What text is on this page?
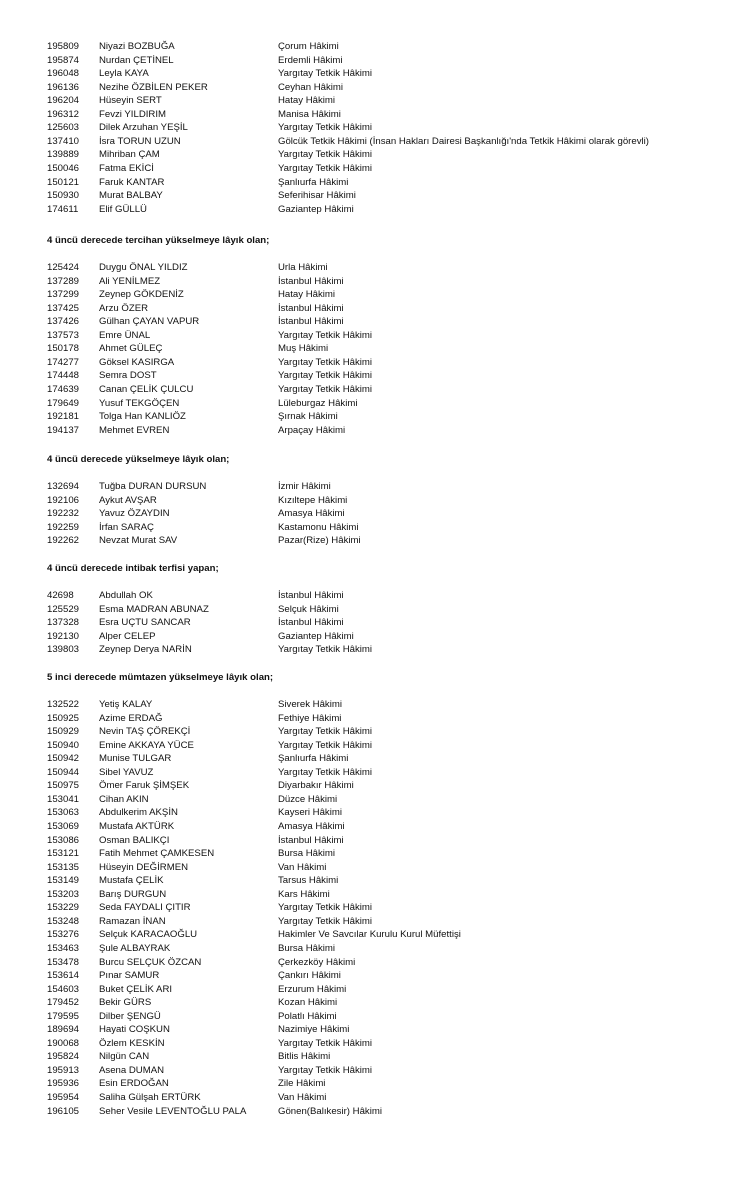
195809 Niyazi BOZBUĞA	Çorum Hâkimi
195874 Nurdan ÇETİNEL	Erdemli Hâkimi
196048 Leyla KAYA	Yargıtay Tetkik Hâkimi
196136 Nezihe ÖZBİLEN PEKER	Ceyhan Hâkimi
196204 Hüseyin SERT	Hatay Hâkimi
196312 Fevzi YILDIRIM	Manisa Hâkimi
125603 Dilek Arzuhan YEŞİL	Yargıtay Tetkik Hâkimi
137410 İsra TORUN UZUN	Gölcük Tetkik Hâkimi (İnsan Hakları Dairesi Başkanlığı'nda Tetkik Hâkimi olarak görevli)
139889 Mihriban ÇAM	Yargıtay Tetkik Hâkimi
150046 Fatma EKİCİ	Yargıtay Tetkik Hâkimi
150121 Faruk KANTAR	Şanlıurfa Hâkimi
150930 Murat BALBAY	Seferihisar Hâkimi
174611 Elif GÜLLÜ	Gaziantep Hâkimi
4 üncü derecede tercihan yükselmeye lâyık olan;
125424 Duygu ÖNAL YILDIZ	Urla Hâkimi
137289 Ali YENİLMEZ	İstanbul Hâkimi
137299 Zeynep GÖKDENİZ	Hatay Hâkimi
137425 Arzu ÖZER	İstanbul Hâkimi
137426 Gülhan ÇAYAN VAPUR	İstanbul Hâkimi
137573 Emre ÜNAL	Yargıtay Tetkik Hâkimi
150178 Ahmet GÜLEÇ	Muş Hâkimi
174277 Göksel KASIRGA	Yargıtay Tetkik Hâkimi
174448 Semra DOST	Yargıtay Tetkik Hâkimi
174639 Canan ÇELİK ÇULCU	Yargıtay Tetkik Hâkimi
179649 Yusuf TEKGÖÇEN	Lüleburgaz Hâkimi
192181 Tolga Han KANLIÖZ	Şırnak Hâkimi
194137 Mehmet EVREN	Arpaçay Hâkimi
4 üncü derecede yükselmeye lâyık olan;
132694 Tuğba DURAN DURSUN	İzmir Hâkimi
192106 Aykut AVŞAR	Kızıltepe Hâkimi
192232 Yavuz ÖZAYDIN	Amasya Hâkimi
192259 İrfan SARAÇ	Kastamonu Hâkimi
192262 Nevzat Murat SAV	Pazar(Rize) Hâkimi
4 üncü derecede intibak terfisi yapan;
42698	Abdullah OK	İstanbul Hâkimi
125529 Esma MADRAN ABUNAZ	Selçuk Hâkimi
137328 Esra UÇTU SANCAR	İstanbul Hâkimi
192130 Alper CELEP	Gaziantep Hâkimi
139803 Zeynep Derya NARİN	Yargıtay Tetkik Hâkimi
5 inci derecede mümtazen yükselmeye lâyık olan;
132522 Yetiş KALAY	Siverek Hâkimi
150925 Azime ERDAĞ	Fethiye Hâkimi
150929 Nevin TAŞ ÇÖREKÇİ	Yargıtay Tetkik Hâkimi
150940 Emine AKKAYA YÜCE	Yargıtay Tetkik Hâkimi
150942 Munise TULGAR	Şanlıurfa Hâkimi
150944 Sibel YAVUZ	Yargıtay Tetkik Hâkimi
150975 Ömer Faruk ŞİMŞEK	Diyarbakır Hâkimi
153041 Cihan AKIN	Düzce Hâkimi
153063 Abdulkerim AKŞİN	Kayseri Hâkimi
153069 Mustafa AKTÜRK	Amasya Hâkimi
153086 Osman BALIKÇI	İstanbul Hâkimi
153121 Fatih Mehmet ÇAMKESEN	Bursa Hâkimi
153135 Hüseyin DEĞİRMEN	Van Hâkimi
153149 Mustafa ÇELİK	Tarsus Hâkimi
153203 Barış DURGUN	Kars Hâkimi
153229 Seda FAYDALI ÇITIR	Yargıtay Tetkik Hâkimi
153248 Ramazan İNAN	Yargıtay Tetkik Hâkimi
153276 Selçuk KARACAOĞLU	Hakimler Ve Savcılar Kurulu Kurul Müfettişi
153463 Şule ALBAYRAK	Bursa Hâkimi
153478 Burcu SELÇUK ÖZCAN	Çerkezköy Hâkimi
153614 Pınar SAMUR	Çankırı Hâkimi
154603 Buket ÇELİK ARI	Erzurum Hâkimi
179452 Bekir GÜRS	Kozan Hâkimi
179595 Dilber ŞENGÜ	Polatlı Hâkimi
189694 Hayati COŞKUN	Nazimiye Hâkimi
190068 Özlem KESKİN	Yargıtay Tetkik Hâkimi
195824 Nilgün CAN	Bitlis Hâkimi
195913 Asena DUMAN	Yargıtay Tetkik Hâkimi
195936 Esin ERDOĞAN	Zile Hâkimi
195954 Saliha Gülşah ERTÜRK	Van Hâkimi
196105 Seher Vesile LEVENTOĞLU PALA	Gönen(Balıkesir) Hâkimi
